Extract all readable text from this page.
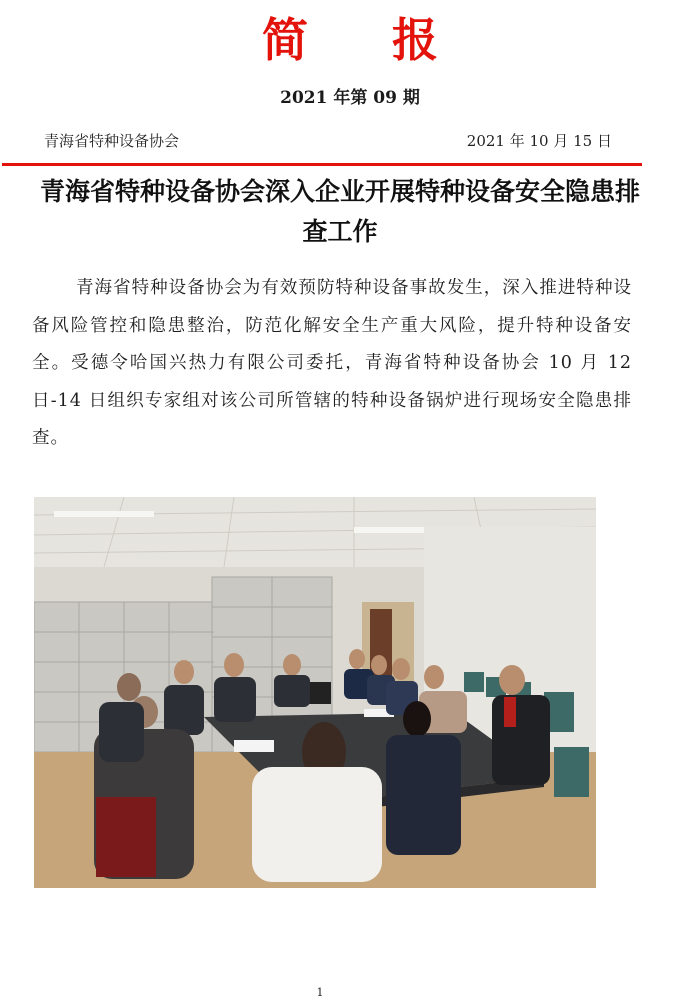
简 报
2021 年第 09 期
青海省特种设备协会	2021 年 10 月 15 日
青海省特种设备协会深入企业开展特种设备安全隐患排查工作
青海省特种设备协会为有效预防特种设备事故发生，深入推进特种设备风险管控和隐患整治，防范化解安全生产重大风险，提升特种设备安全。受德令哈国兴热力有限公司委托，青海省特种设备协会 10 月 12 日-14 日组织专家组对该公司所管辖的特种设备锅炉进行现场安全隐患排查。
1
